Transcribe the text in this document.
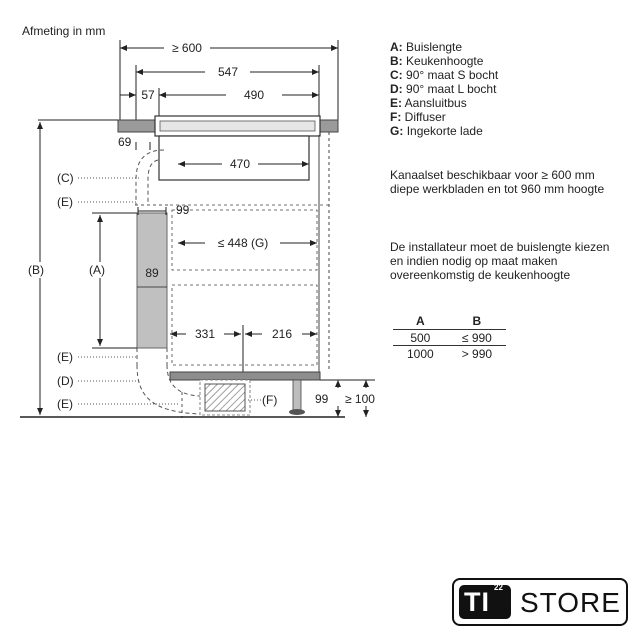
Afmeting in mm
≥ 600
547
57	490
470
≤ 448 (G)
99
89
69
331	216
99 ≥ 100
(B)	(A)
(C)
(E)
(E)
(D)
(E)	(F)
A: Buislengte
B: Keukenhoogte
C: 90° maat S bocht
D: 90° maat L bocht
E: Aansluitbus
F: Diffuser
G: Ingekorte lade
Kanaalset beschikbaar voor ≥ 600 mm diepe werkbladen en tot 960 mm hoogte
De installateur moet de buislengte kiezen en indien nodig op maat maken overeenkomstig de keukenhoogte
A	B
500	≤ 990
1000	> 990
TI 22 STORE
